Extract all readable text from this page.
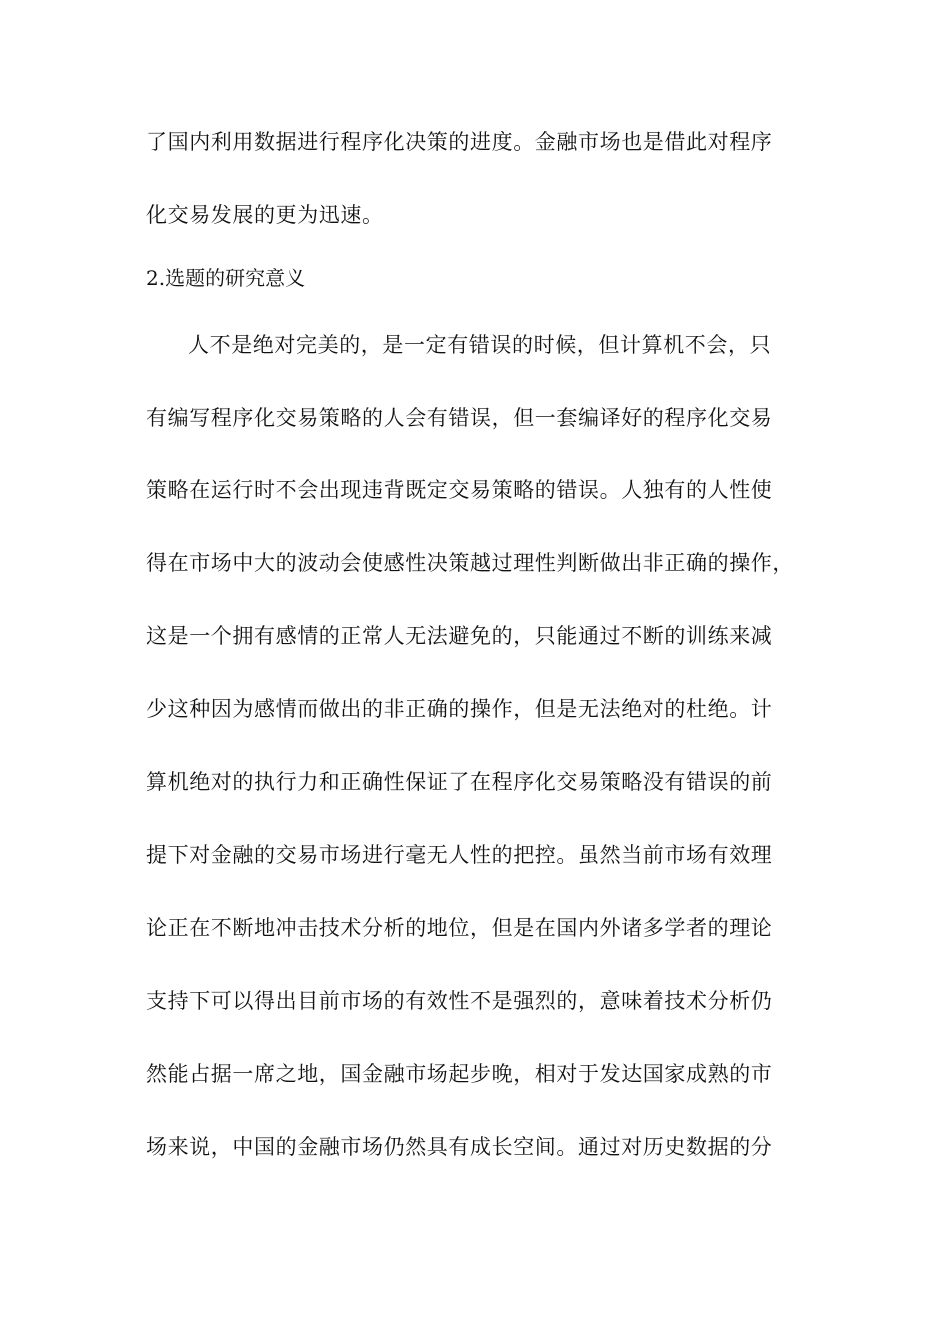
了国内利用数据进行程序化决策的进度。金融市场也是借此对程序
化交易发展的更为迅速。
2.选题的研究意义
人不是绝对完美的，是一定有错误的时候，但计算机不会，只
有编写程序化交易策略的人会有错误，但一套编译好的程序化交易
策略在运行时不会出现违背既定交易策略的错误。人独有的人性使
得在市场中大的波动会使感性决策越过理性判断做出非正确的操作，
这是一个拥有感情的正常人无法避免的，只能通过不断的训练来减
少这种因为感情而做出的非正确的操作，但是无法绝对的杜绝。计
算机绝对的执行力和正确性保证了在程序化交易策略没有错误的前
提下对金融的交易市场进行毫无人性的把控。虽然当前市场有效理
论正在不断地冲击技术分析的地位，但是在国内外诸多学者的理论
支持下可以得出目前市场的有效性不是强烈的，意味着技术分析仍
然能占据一席之地，国金融市场起步晚，相对于发达国家成熟的市
场来说，中国的金融市场仍然具有成长空间。通过对历史数据的分
